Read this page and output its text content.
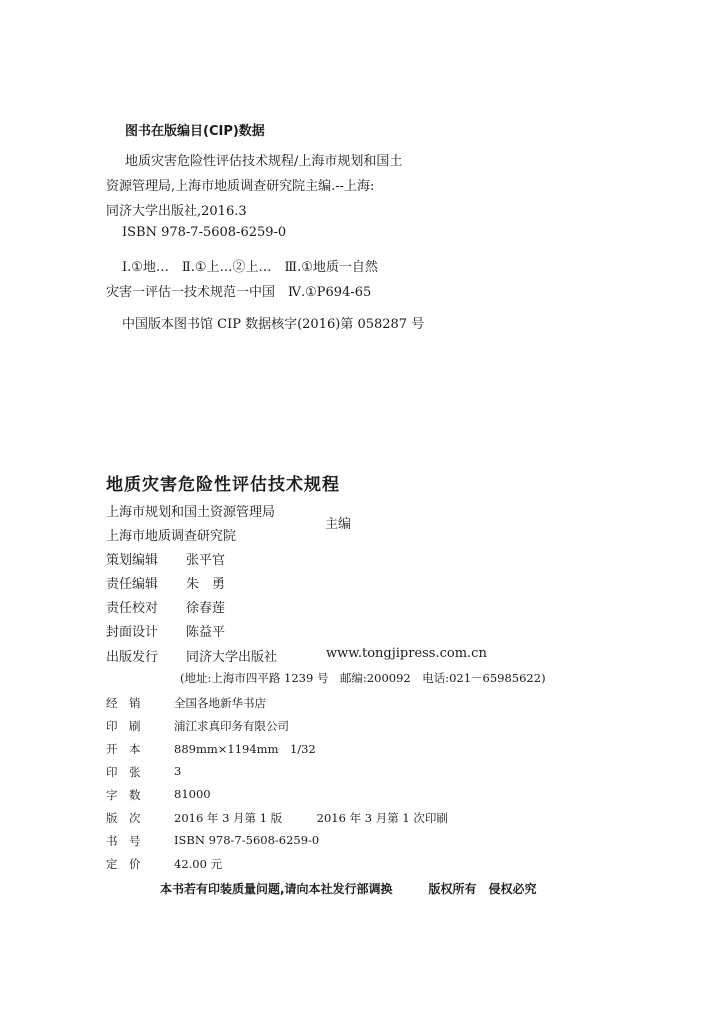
图书在版编目(CIP)数据
地质灾害危险性评估技术规程/上海市规划和国土
资源管理局,上海市地质调查研究院主编.--上海:
同济大学出版社,2016.3
ISBN 978-7-5608-6259-0
Ⅰ.①地…　Ⅱ.①上…②上…　Ⅲ.①地质一自然
灾害一评估一技术规范一中国　Ⅳ.①P694-65
中国版本图书馆 CIP 数据核字(2016)第 058287 号
地质灾害危险性评估技术规程
上海市规划和国土资源管理局
主编
上海市地质调查研究院
策划编辑 张平官
责任编辑 朱　勇
责任校对 徐春莲
封面设计 陈益平
出版发行 同济大学出版社	www.tongjipress.com.cn
(地址:上海市四平路 1239 号　邮编:200092　电话:021－65985622)
经　销	全国各地新华书店
印　刷	浦江求真印务有限公司
开　本	889mm×1194mm　1/32
印　张	3
字　数	81000
版　次	2016 年 3 月第 1 版　　　2016 年 3 月第 1 次印刷
书　号	ISBN 978-7-5608-6259-0
定　价	42.00 元
本书若有印装质量问题,请向本社发行部调换　　　版权所有　侵权必究
